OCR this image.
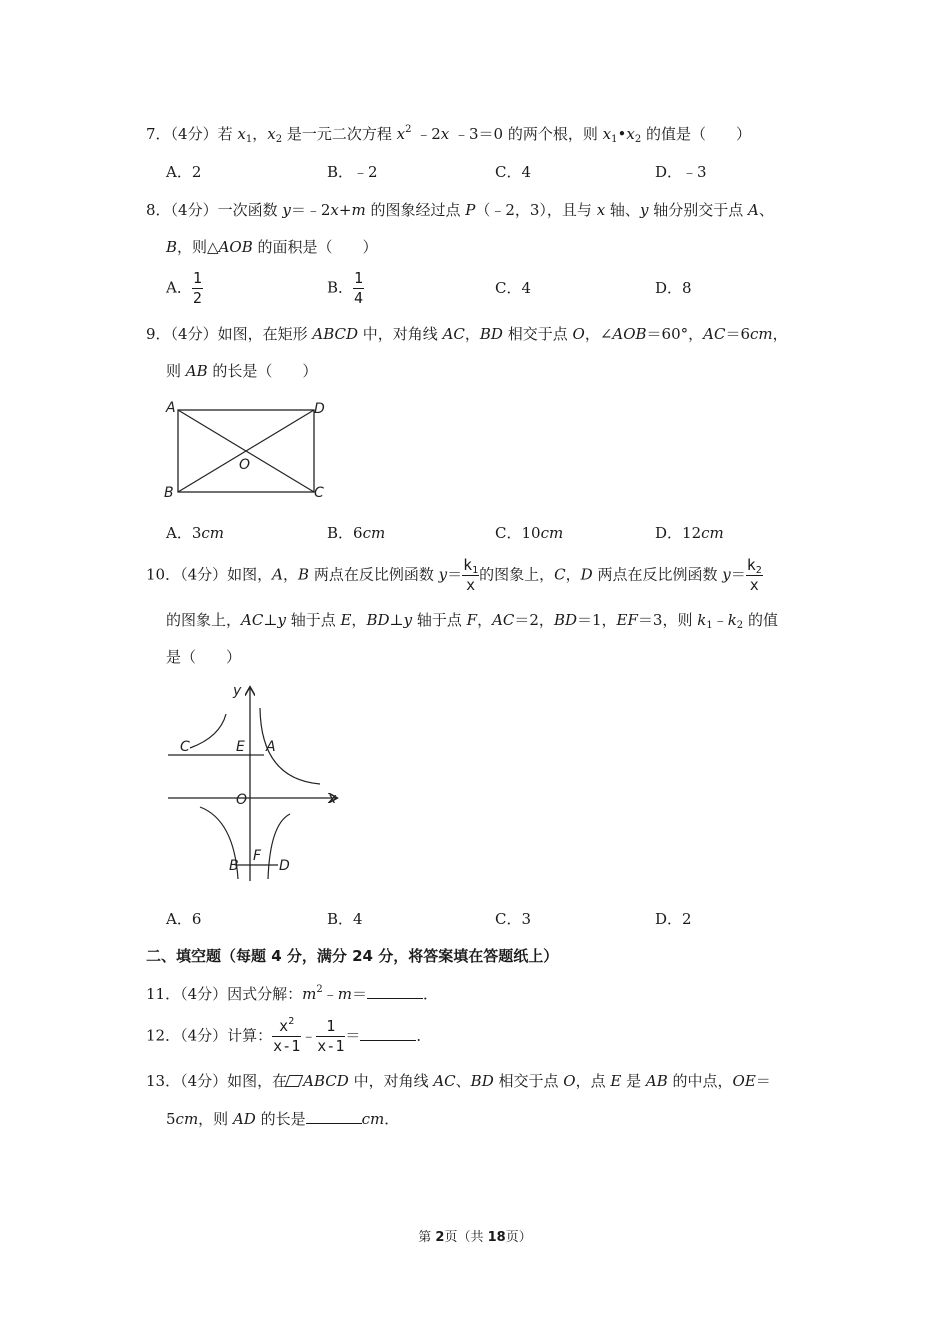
7．（4分）若 $x_1$，$x_2$ 是一元二次方程 $x^2$ ﹣2x ﹣3＝0 的两个根，则 $x_1•x_2$ 的值是（　　）
A．2	B．﹣2	C．4	D．﹣3
8．（4分）一次函数 y＝﹣2x+m 的图象经过点 P（﹣2，3），且与 x 轴、y 轴分别交于点 A、
B，则△AOB 的面积是（　　）
A． $\frac{1}{2}$	B． $\frac{1}{4}$	C．4	D．8
9．（4分）如图，在矩形 ABCD 中，对角线 AC，BD 相交于点 O，∠AOB＝60°，AC＝6cm，
则 AB 的长是（　　）
A	D
B	C
O
A．3cm	B．6cm	C．10cm	D．12cm
10．（4分）如图，A，B 两点在反比例函数 $y= \frac{k_1}{x}$ 的图象上，C，D 两点在反比例函数 $y= \frac{k_2}{x}$
的图象上，AC⊥y 轴于点 E，BD⊥y 轴于点 F，AC＝2，BD＝1，EF＝3，则 $k_1﹣k_2$ 的值
是（　　）
y
x
O
C	E A
B
F
D
A．6	B．4	C．3	D．2
二、填空题（每题 4 分，满分 24 分，将答案填在答题纸上）
11．（4分）因式分解：$m^2﹣m=$	．
12．（4分）计算： $\frac{x^2}{x-1}$ ﹣ $\frac{1}{x-1}$ ＝	．
13．（4分）如图，在 ABCD 中，对角线 AC、BD 相交于点 O，点 E 是 AB 的中点，OE＝
5cm，则 AD 的长是	cm．
第 2页（共 18页）
